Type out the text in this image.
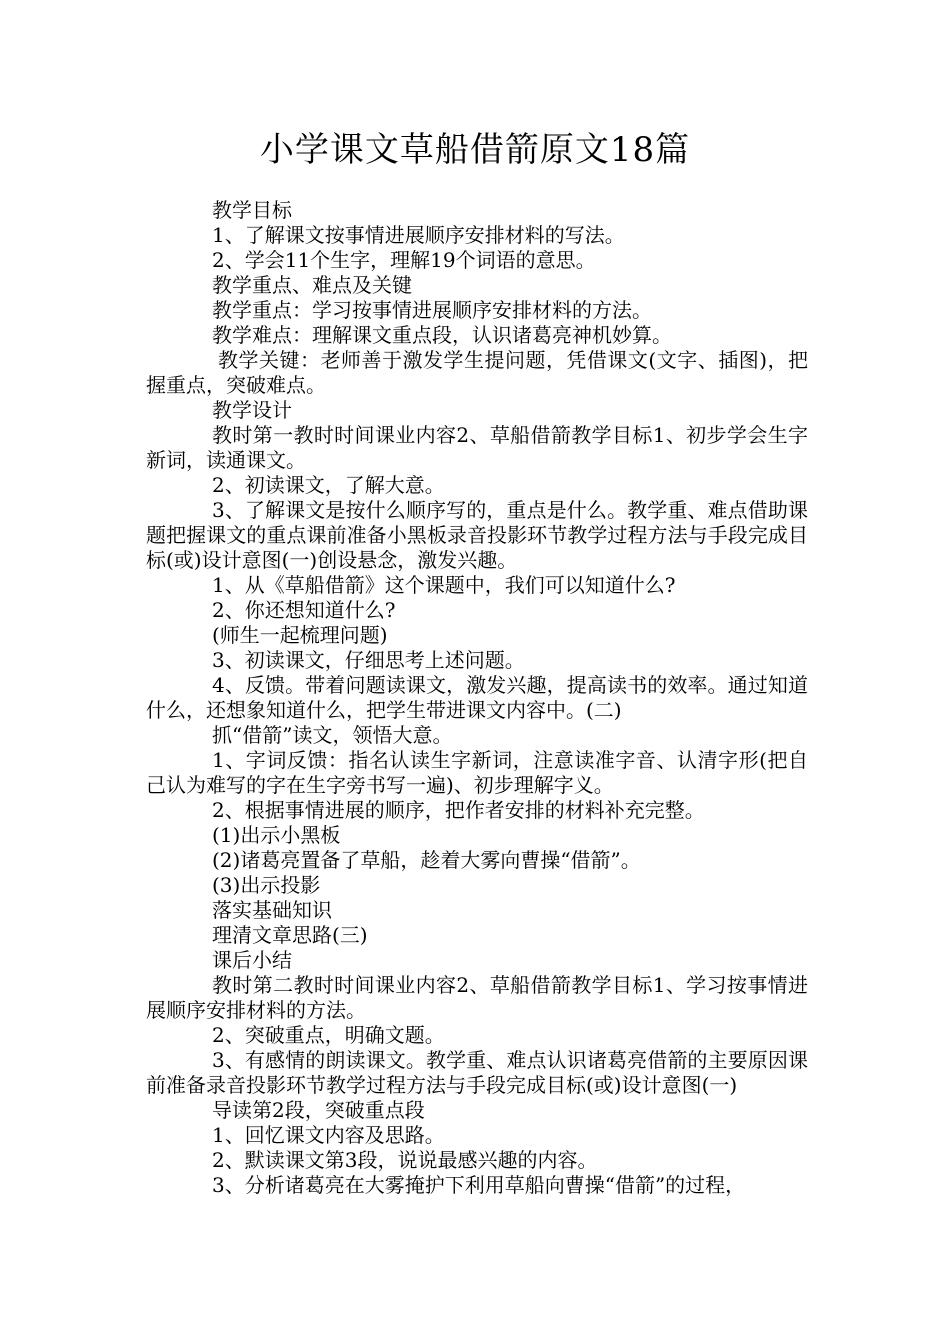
小学课文草船借箭原文18篇

教学目标

1、了解课文按事情进展顺序安排材料的写法。

2、学会11个生字，理解19个词语的意思。

教学重点、难点及关键

教学重点：学习按事情进展顺序安排材料的方法。

教学难点：理解课文重点段，认识诸葛亮神机妙算。

教学关键：老师善于激发学生提问题，凭借课文(文字、插图)，把握重点，突破难点。

教学设计

教时第一教时时间课业内容2、草船借箭教学目标1、初步学会生字新词，读通课文。

2、初读课文，了解大意。

3、了解课文是按什么顺序写的，重点是什么。教学重、难点借助课题把握课文的重点课前准备小黑板录音投影环节教学过程方法与手段完成目标(或)设计意图(一)创设悬念，激发兴趣。

1、从《草船借箭》这个课题中，我们可以知道什么?

2、你还想知道什么?

(师生一起梳理问题)

3、初读课文，仔细思考上述问题。

4、反馈。带着问题读课文，激发兴趣，提高读书的效率。通过知道什么，还想象知道什么，把学生带进课文内容中。(二)

抓“借箭”读文，领悟大意。

1、字词反馈：指名认读生字新词，注意读准字音、认清字形(把自己认为难写的字在生字旁书写一遍)、初步理解字义。

2、根据事情进展的顺序，把作者安排的材料补充完整。

(1)出示小黑板

(2)诸葛亮置备了草船，趁着大雾向曹操“借箭”。

(3)出示投影

落实基础知识

理清文章思路(三)

课后小结

教时第二教时时间课业内容2、草船借箭教学目标1、学习按事情进展顺序安排材料的方法。

2、突破重点，明确文题。

3、有感情的朗读课文。教学重、难点认识诸葛亮借箭的主要原因课前准备录音投影环节教学过程方法与手段完成目标(或)设计意图(一)

导读第2段，突破重点段

1、回忆课文内容及思路。

2、默读课文第3段，说说最感兴趣的内容。

3、分析诸葛亮在大雾掩护下利用草船向曹操“借箭”的过程，
